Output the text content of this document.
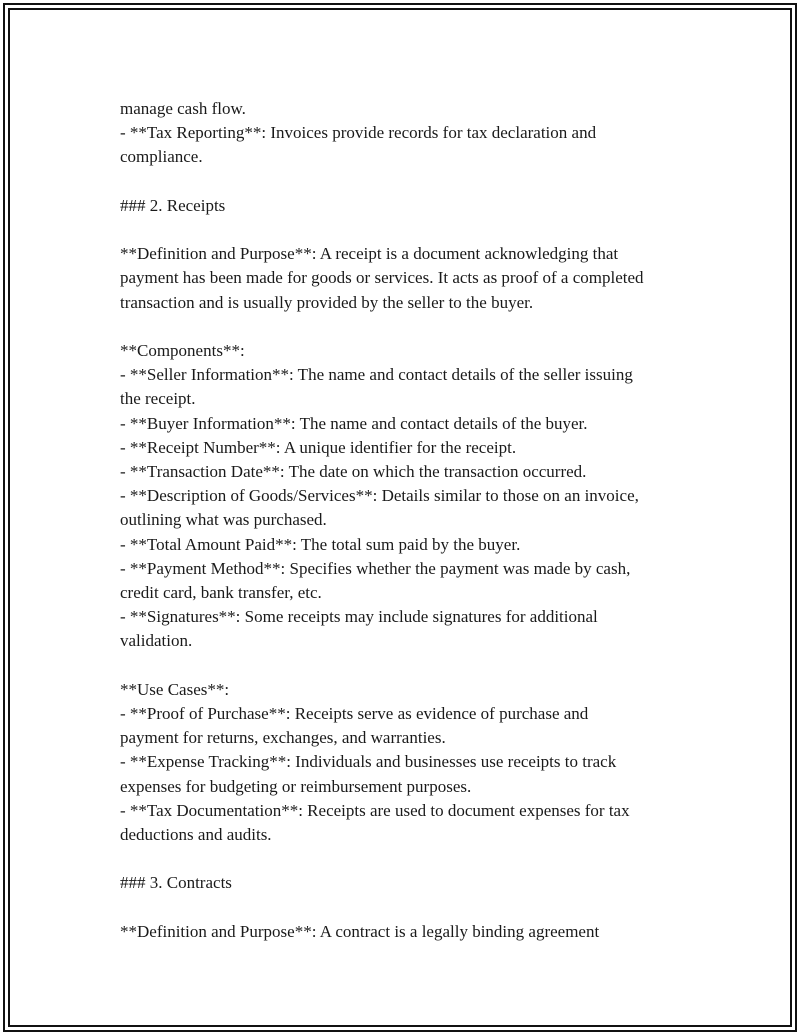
manage cash flow.
- **Tax Reporting**: Invoices provide records for tax declaration and
compliance.
### 2. Receipts
**Definition and Purpose**: A receipt is a document acknowledging that
payment has been made for goods or services. It acts as proof of a completed
transaction and is usually provided by the seller to the buyer.
**Components**:
- **Seller Information**: The name and contact details of the seller issuing
the receipt.
- **Buyer Information**: The name and contact details of the buyer.
- **Receipt Number**: A unique identifier for the receipt.
- **Transaction Date**: The date on which the transaction occurred.
- **Description of Goods/Services**: Details similar to those on an invoice,
outlining what was purchased.
- **Total Amount Paid**: The total sum paid by the buyer.
- **Payment Method**: Specifies whether the payment was made by cash,
credit card, bank transfer, etc.
- **Signatures**: Some receipts may include signatures for additional
validation.
**Use Cases**:
- **Proof of Purchase**: Receipts serve as evidence of purchase and
payment for returns, exchanges, and warranties.
- **Expense Tracking**: Individuals and businesses use receipts to track
expenses for budgeting or reimbursement purposes.
- **Tax Documentation**: Receipts are used to document expenses for tax
deductions and audits.
### 3. Contracts
**Definition and Purpose**: A contract is a legally binding agreement
